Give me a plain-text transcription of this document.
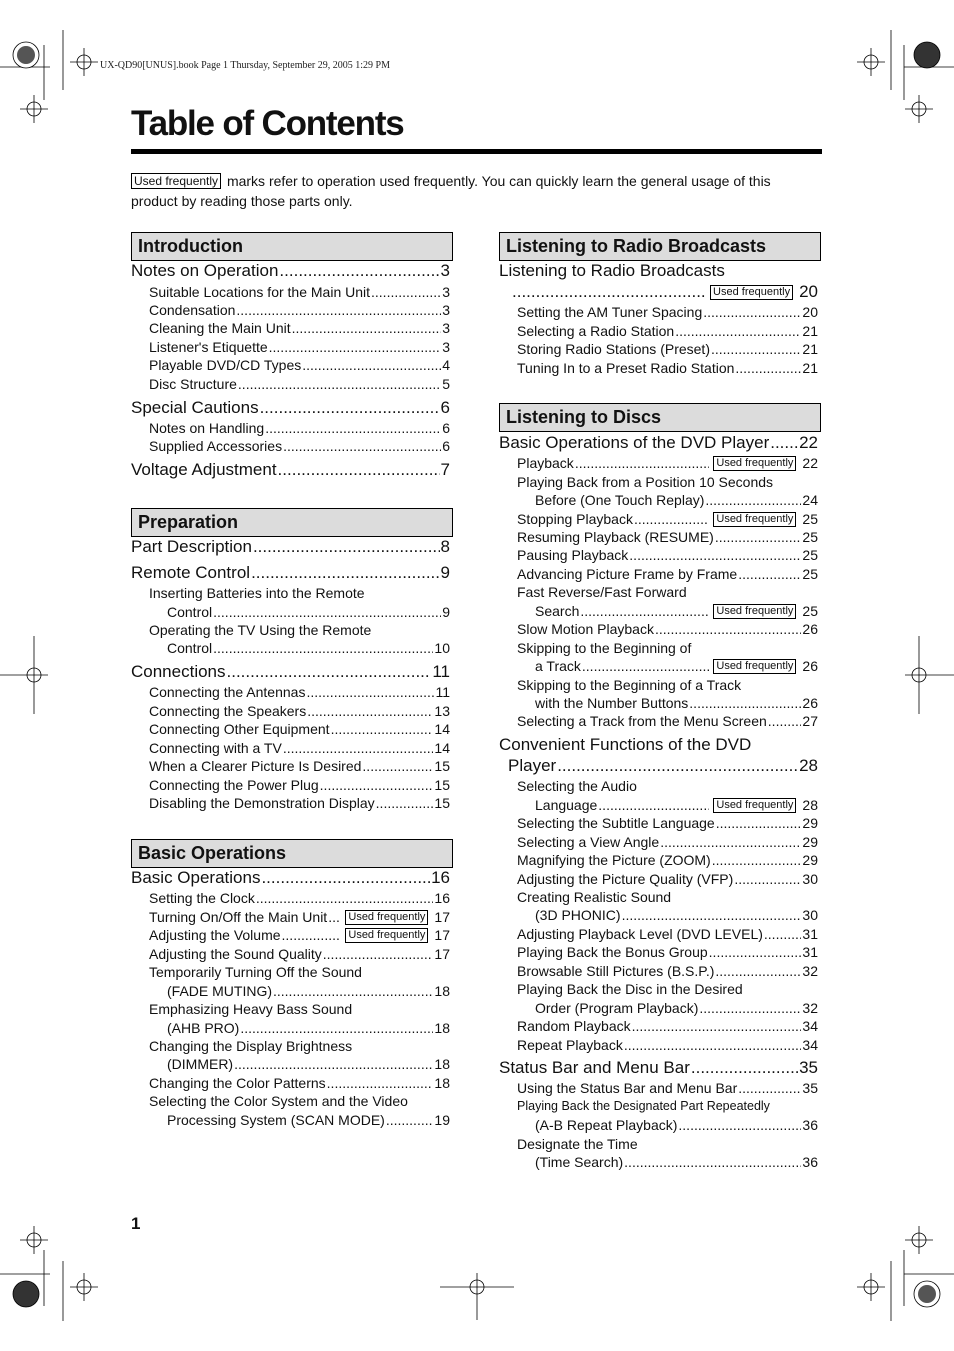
UX-QD90[UNUS].book Page 1 Thursday, September 29, 2005 1:29 PM
Table of Contents
Used frequently marks refer to operation used frequently. You can quickly learn the general usage of this
product by reading those parts only.
Introduction
Preparation
Basic Operations
Listening to Radio Broadcasts
Listening to Discs
Notes on Operation .....	3
Suitable Locations for the Main Unit .....	3
Condensation .....	3
Cleaning the Main Unit .....	3
Listener's Etiquette .....	3
Playable DVD/CD Types .....	4
Disc Structure .....	5
Special Cautions .....	6
Notes on Handling .....	6
Supplied Accessories .....	6
Voltage Adjustment .....	7
Part Description .....	8
Remote Control .....	9
Inserting Batteries into the Remote
Control .....	9
Operating the TV Using the Remote
Control .....	10
Connections .....	11
Connecting the Antennas .....	11
Connecting the Speakers .....	13
Connecting Other Equipment .....	14
Connecting with a TV .....	14
When a Clearer Picture Is Desired .....	15
Connecting the Power Plug .....	15
Disabling the Demonstration Display .....	15
Basic Operations .....	16
Setting the Clock .....	16
Turning On/Off the Main Unit ..... Used frequently 17
Adjusting the Volume .....	Used frequently 17
Adjusting the Sound Quality .....	17
Temporarily Turning Off the Sound
(FADE MUTING) .....	18
Emphasizing Heavy Bass Sound
(AHB PRO) .....	18
Changing the Display Brightness
(DIMMER) .....	18
Changing the Color Patterns .....	18
Selecting the Color System and the Video
Processing System (SCAN MODE) .....	19
Listening to Radio Broadcasts
.....
Used frequently 20
Setting the AM Tuner Spacing .....	20
Selecting a Radio Station .....	21
Storing Radio Stations (Preset) .....	21
Tuning In to a Preset Radio Station .....	21
Basic Operations of the DVD Player ..... 22
Playback .....	Used frequently 22
Playing Back from a Position 10 Seconds
Before (One Touch Replay) .....	24
Stopping Playback .....	Used frequently 25
Resuming Playback (RESUME) .....	25
Pausing Playback .....	25
Advancing Picture Frame by Frame .....	25
Fast Reverse/Fast Forward
Search .....	Used frequently 25
Slow Motion Playback .....	26
Skipping to the Beginning of
a Track .....	Used frequently 26
Skipping to the Beginning of a Track
with the Number Buttons .....	26
Selecting a Track from the Menu Screen .....	27
Convenient Functions of the DVD
Player .....	28
Selecting the Audio
Language .....	Used frequently 28
Selecting the Subtitle Language .....	29
Selecting a View Angle .....	29
Magnifying the Picture (ZOOM) .....	29
Adjusting the Picture Quality (VFP) .....	30
Creating Realistic Sound
(3D PHONIC) .....	30
Adjusting Playback Level (DVD LEVEL) .....	31
Playing Back the Bonus Group .....	31
Browsable Still Pictures (B.S.P.) .....	32
Playing Back the Disc in the Desired
Order (Program Playback) .....	32
Random Playback .....	34
Repeat Playback .....	34
Status Bar and Menu Bar .....	35
Using the Status Bar and Menu Bar .....	35
Playing Back the Designated Part Repeatedly
(A-B Repeat Playback) .....	36
Designate the Time
(Time Search) .....	36
1
